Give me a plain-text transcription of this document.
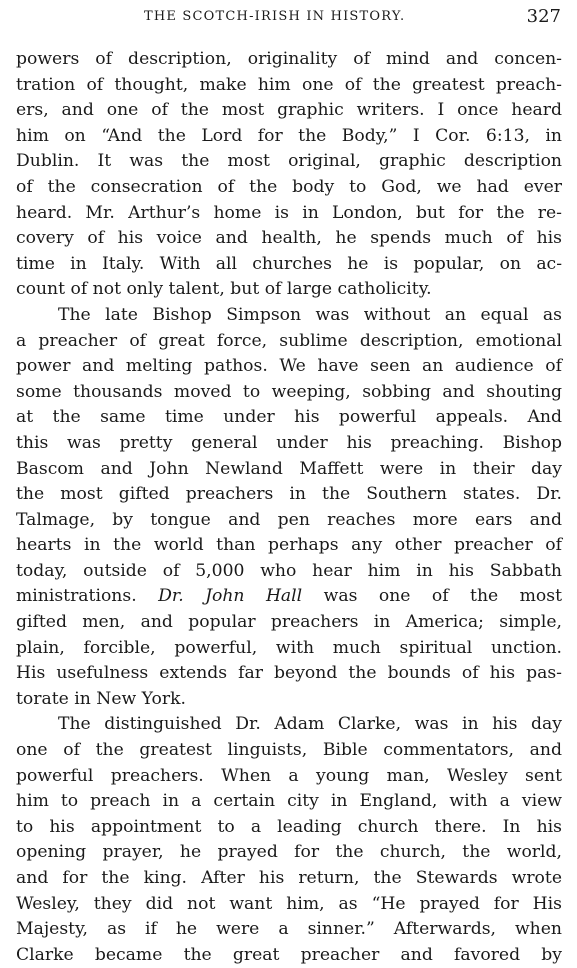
THE SCOTCH-IRISH IN HISTORY.	327
powers of description, originality of mind and concen-
tration of thought, make him one of the greatest preach-
ers, and one of the most graphic writers. I once heard
him on “And the Lord for the Body,” I Cor. 6:13, in
Dublin. It was the most original, graphic description
of the consecration of the body to God, we had ever
heard. Mr. Arthur’s home is in London, but for the re-
covery of his voice and health, he spends much of his
time in Italy. With all churches he is popular, on ac-
count of not only talent, but of large catholicity.
The late Bishop Simpson was without an equal as
a preacher of great force, sublime description, emotional
power and melting pathos. We have seen an audience of
some thousands moved to weeping, sobbing and shouting
at the same time under his powerful appeals. And
this was pretty general under his preaching. Bishop
Bascom and John Newland Maffett were in their day
the most gifted preachers in the Southern states. Dr.
Talmage, by tongue and pen reaches more ears and
hearts in the world than perhaps any other preacher of
today, outside of 5,000 who hear him in his Sabbath
ministrations. Dr. John Hall was one of the most
gifted men, and popular preachers in America; simple,
plain, forcible, powerful, with much spiritual unction.
His usefulness extends far beyond the bounds of his pas-
torate in New York.
The distinguished Dr. Adam Clarke, was in his day
one of the greatest linguists, Bible commentators, and
powerful preachers. When a young man, Wesley sent
him to preach in a certain city in England, with a view
to his appointment to a leading church there. In his
opening prayer, he prayed for the church, the world,
and for the king. After his return, the Stewards wrote
Wesley, they did not want him, as “He prayed for His
Majesty, as if he were a sinner.” Afterwards, when
Clarke became the great preacher and favored by
